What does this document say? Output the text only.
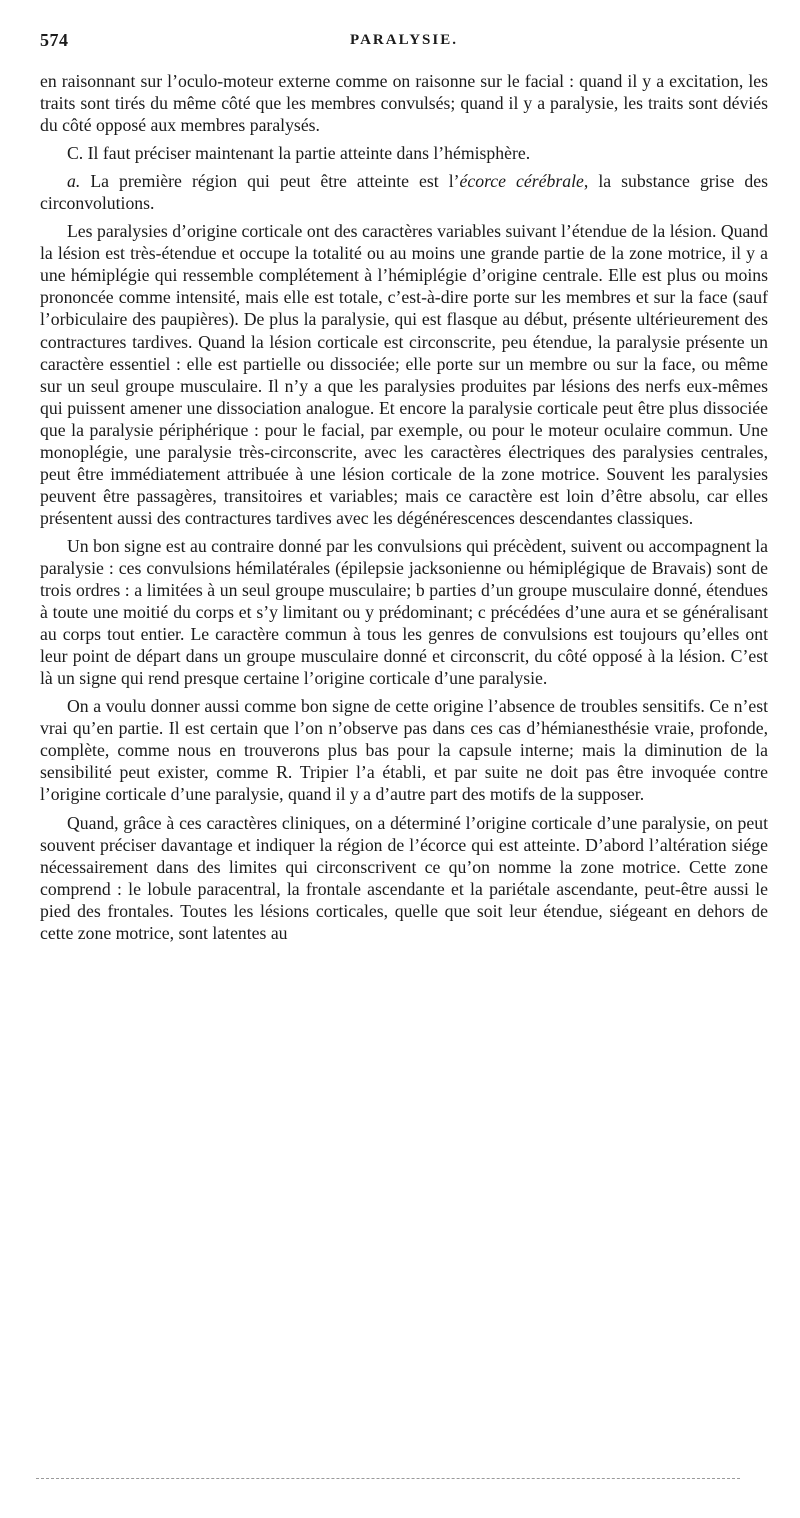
574	PARALYSIE.

en raisonnant sur l’oculo-moteur externe comme on raisonne sur le facial : quand il y a excitation, les traits sont tirés du même côté que les membres convulsés; quand il y a paralysie, les traits sont déviés du côté opposé aux membres paralysés.

C. Il faut préciser maintenant la partie atteinte dans l’hémisphère.

a. La première région qui peut être atteinte est l’écorce cérébrale, la substance grise des circonvolutions.

Les paralysies d’origine corticale ont des caractères variables suivant l’étendue de la lésion. Quand la lésion est très-étendue et occupe la totalité ou au moins une grande partie de la zone motrice, il y a une hémiplégie qui ressemble complétement à l’hémiplégie d’origine centrale. Elle est plus ou moins prononcée comme intensité, mais elle est totale, c’est-à-dire porte sur les membres et sur la face (sauf l’orbiculaire des paupières). De plus la paralysie, qui est flasque au début, présente ultérieurement des contractures tardives. Quand la lésion corticale est circonscrite, peu étendue, la paralysie présente un caractère essentiel : elle est partielle ou dissociée; elle porte sur un membre ou sur la face, ou même sur un seul groupe musculaire. Il n’y a que les paralysies produites par lésions des nerfs eux-mêmes qui puissent amener une dissociation analogue. Et encore la paralysie corticale peut être plus dissociée que la paralysie périphérique : pour le facial, par exemple, ou pour le moteur oculaire commun. Une monoplégie, une paralysie très-circonscrite, avec les caractères électriques des paralysies centrales, peut être immédiatement attribuée à une lésion corticale de la zone motrice. Souvent les paralysies peuvent être passagères, transitoires et variables; mais ce caractère est loin d’être absolu, car elles présentent aussi des contractures tardives avec les dégénérescences descendantes classiques.

Un bon signe est au contraire donné par les convulsions qui précèdent, suivent ou accompagnent la paralysie : ces convulsions hémilatérales (épilepsie jacksonienne ou hémiplégique de Bravais) sont de trois ordres : a limitées à un seul groupe musculaire; b parties d’un groupe musculaire donné, étendues à toute une moitié du corps et s’y limitant ou y prédominant; c précédées d’une aura et se généralisant au corps tout entier. Le caractère commun à tous les genres de convulsions est toujours qu’elles ont leur point de départ dans un groupe musculaire donné et circonscrit, du côté opposé à la lésion. C’est là un signe qui rend presque certaine l’origine corticale d’une paralysie.

On a voulu donner aussi comme bon signe de cette origine l’absence de troubles sensitifs. Ce n’est vrai qu’en partie. Il est certain que l’on n’observe pas dans ces cas d’hémianesthésie vraie, profonde, complète, comme nous en trouverons plus bas pour la capsule interne; mais la diminution de la sensibilité peut exister, comme R. Tripier l’a établi, et par suite ne doit pas être invoquée contre l’origine corticale d’une paralysie, quand il y a d’autre part des motifs de la supposer.

Quand, grâce à ces caractères cliniques, on a déterminé l’origine corticale d’une paralysie, on peut souvent préciser davantage et indiquer la région de l’écorce qui est atteinte. D’abord l’altération siége nécessairement dans des limites qui circonscrivent ce qu’on nomme la zone motrice. Cette zone comprend : le lobule paracentral, la frontale ascendante et la pariétale ascendante, peut-être aussi le pied des frontales. Toutes les lésions corticales, quelle que soit leur étendue, siégeant en dehors de cette zone motrice, sont latentes au
